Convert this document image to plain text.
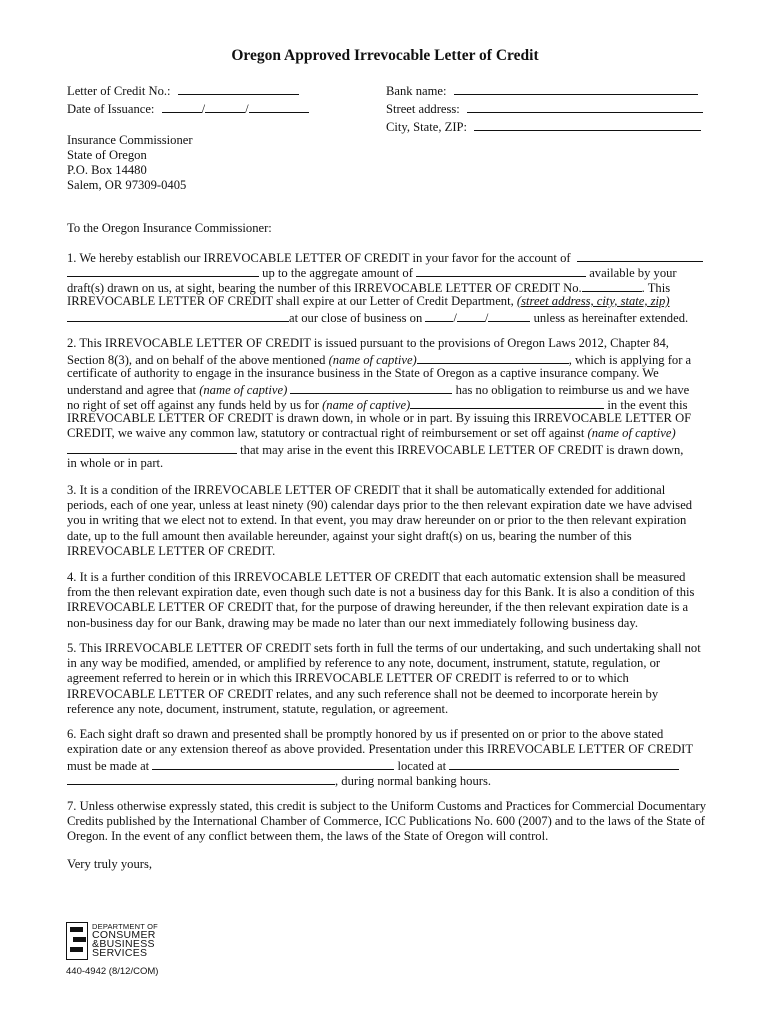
Oregon Approved Irrevocable Letter of Credit
Letter of Credit No.:
Date of Issuance:	/	/
Bank name:
Street address:
City, State, ZIP:
Insurance Commissioner
State of Oregon
P.O. Box 14480
Salem, OR 97309-0405
To the Oregon Insurance Commissioner:
1. We hereby establish our IRREVOCABLE LETTER OF CREDIT in your favor for the account of
up to the aggregate amount of	available by your
draft(s) drawn on us, at sight, bearing the number of this IRREVOCABLE LETTER OF CREDIT No.	. This
IRREVOCABLE LETTER OF CREDIT shall expire at our Letter of Credit Department, (street address, city, state, zip)
at our close of business on / /	unless as hereinafter extended.
2. This IRREVOCABLE LETTER OF CREDIT is issued pursuant to the provisions of Oregon Laws 2012, Chapter 84,
Section 8(3), and on behalf of the above mentioned (name of captive)	, which is applying for a
certificate of authority to engage in the insurance business in the State of Oregon as a captive insurance company. We
understand and agree that (name of captive)	has no obligation to reimburse us and we have
no right of set off against any funds held by us for (name of captive)	in the event this
IRREVOCABLE LETTER OF CREDIT is drawn down, in whole or in part. By issuing this IRREVOCABLE LETTER OF
CREDIT, we waive any common law, statutory or contractual right of reimbursement or set off against (name of captive)
that may arise in the event this IRREVOCABLE LETTER OF CREDIT is drawn down,
in whole or in part.
3. It is a condition of the IRREVOCABLE LETTER OF CREDIT that it shall be automatically extended for additional periods, each of one year, unless at least ninety (90) calendar days prior to the then relevant expiration date we have advised you in writing that we elect not to extend. In that event, you may draw hereunder on or prior to the then relevant expiration date, up to the full amount then available hereunder, against your sight draft(s) on us, bearing the number of this IRREVOCABLE LETTER OF CREDIT.
4. It is a further condition of this IRREVOCABLE LETTER OF CREDIT that each automatic extension shall be measured from the then relevant expiration date, even though such date is not a business day for this Bank. It is also a condition of this IRREVOCABLE LETTER OF CREDIT that, for the purpose of drawing hereunder, if the then relevant expiration date is a non-business day for our Bank, drawing may be made no later than our next immediately following business day.
5. This IRREVOCABLE LETTER OF CREDIT sets forth in full the terms of our undertaking, and such undertaking shall not in any way be modified, amended, or amplified by reference to any note, document, instrument, statute, regulation, or agreement referred to herein or in which this IRREVOCABLE LETTER OF CREDIT is referred to or to which IRREVOCABLE LETTER OF CREDIT relates, and any such reference shall not be deemed to incorporate herein by reference any note, document, instrument, statute, regulation, or agreement.
6. Each sight draft so drawn and presented shall be promptly honored by us if presented on or prior to the above stated
expiration date or any extension thereof as above provided. Presentation under this IRREVOCABLE LETTER OF CREDIT
must be made at	located at
, during normal banking hours.
7. Unless otherwise expressly stated, this credit is subject to the Uniform Customs and Practices for Commercial Documentary Credits published by the International Chamber of Commerce, ICC Publications No. 600 (2007) and to the laws of the State of Oregon. In the event of any conflict between them, the laws of the State of Oregon will control.
Very truly yours,
DEPARTMENT OF
CONSUMER
&BUSINESS
SERVICES
440-4942 (8/12/COM)
